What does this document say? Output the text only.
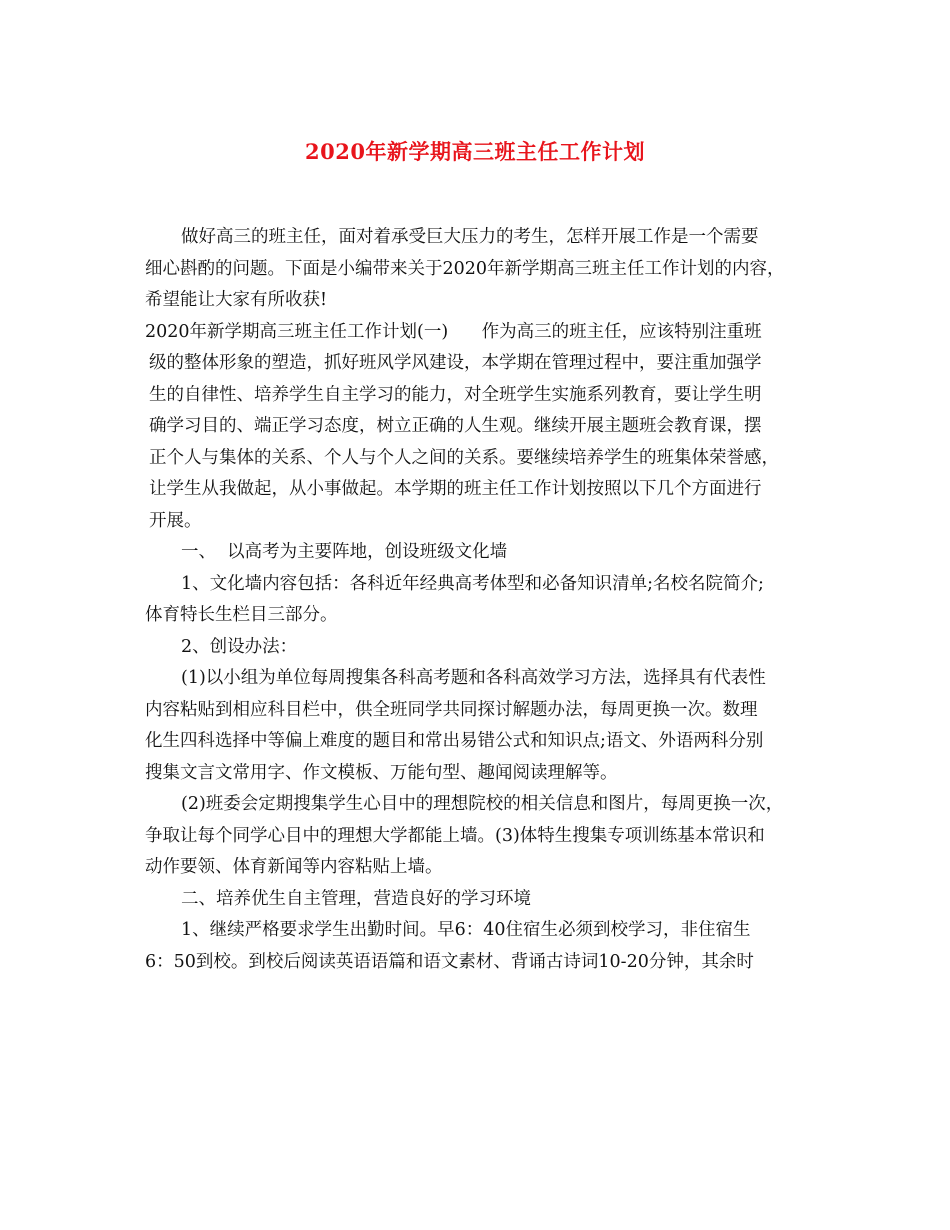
2020年新学期高三班主任工作计划
做好高三的班主任，面对着承受巨大压力的考生，怎样开展工作是一个需要
细心斟酌的问题。下面是小编带来关于2020年新学期高三班主任工作计划的内容，
希望能让大家有所收获!
2020年新学期高三班主任工作计划(一)      作为高三的班主任，应该特别注重班
级的整体形象的塑造，抓好班风学风建设，本学期在管理过程中，要注重加强学
生的自律性、培养学生自主学习的能力，对全班学生实施系列教育，要让学生明
确学习目的、端正学习态度，树立正确的人生观。继续开展主题班会教育课，摆
正个人与集体的关系、个人与个人之间的关系。要继续培养学生的班集体荣誉感，
让学生从我做起，从小事做起。本学期的班主任工作计划按照以下几个方面进行
开展。
一、  以高考为主要阵地，创设班级文化墙
1、文化墙内容包括：各科近年经典高考体型和必备知识清单;名校名院简介;
体育特长生栏目三部分。
2、创设办法：
(1)以小组为单位每周搜集各科高考题和各科高效学习方法，选择具有代表性
内容粘贴到相应科目栏中，供全班同学共同探讨解题办法，每周更换一次。数理
化生四科选择中等偏上难度的题目和常出易错公式和知识点;语文、外语两科分别
搜集文言文常用字、作文模板、万能句型、趣闻阅读理解等。
(2)班委会定期搜集学生心目中的理想院校的相关信息和图片，每周更换一次，
争取让每个同学心目中的理想大学都能上墙。(3)体特生搜集专项训练基本常识和
动作要领、体育新闻等内容粘贴上墙。
二、培养优生自主管理，营造良好的学习环境
1、继续严格要求学生出勤时间。早6：40住宿生必须到校学习，非住宿生
6：50到校。到校后阅读英语语篇和语文素材、背诵古诗词10-20分钟，其余时
